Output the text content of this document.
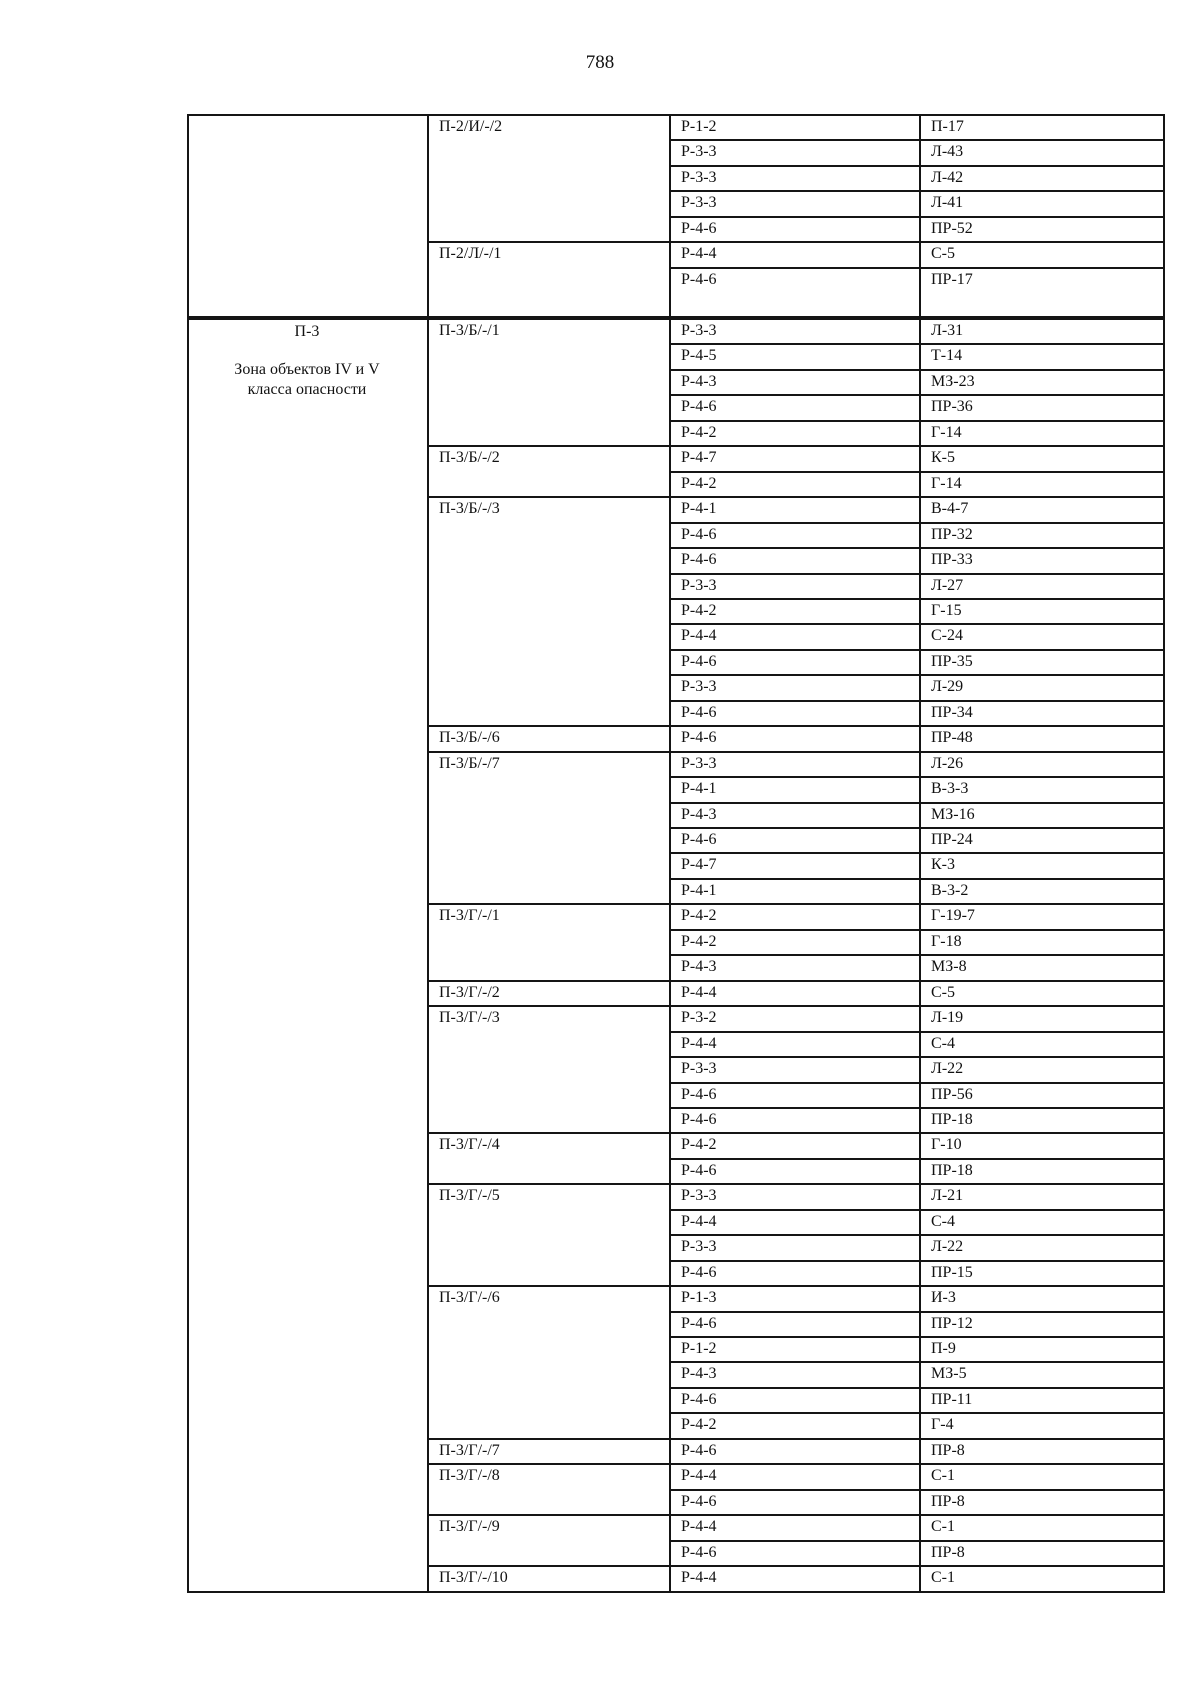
788
П-2/И/-/2	Р-1-2	П-17
Р-3-3	Л-43
Р-3-3	Л-42
Р-3-3	Л-41
Р-4-6	ПР-52
П-2/Л/-/1	Р-4-4	С-5
Р-4-6	ПР-17
П-3
Зона объектов IV и V класса опасности
П-3/Б/-/1	Р-3-3	Л-31
Р-4-5	Т-14
Р-4-3	МЗ-23
Р-4-6	ПР-36
Р-4-2	Г-14
П-3/Б/-/2	Р-4-7	К-5
Р-4-2	Г-14
П-3/Б/-/3	Р-4-1	В-4-7
Р-4-6	ПР-32
Р-4-6	ПР-33
Р-3-3	Л-27
Р-4-2	Г-15
Р-4-4	С-24
Р-4-6	ПР-35
Р-3-3	Л-29
Р-4-6	ПР-34
П-3/Б/-/6	Р-4-6	ПР-48
П-3/Б/-/7	Р-3-3	Л-26
Р-4-1	В-3-3
Р-4-3	МЗ-16
Р-4-6	ПР-24
Р-4-7	К-3
Р-4-1	В-3-2
П-3/Г/-/1	Р-4-2	Г-19-7
Р-4-2	Г-18
Р-4-3	МЗ-8
П-3/Г/-/2	Р-4-4	С-5
П-3/Г/-/3	Р-3-2	Л-19
Р-4-4	С-4
Р-3-3	Л-22
Р-4-6	ПР-56
Р-4-6	ПР-18
П-3/Г/-/4	Р-4-2	Г-10
Р-4-6	ПР-18
П-3/Г/-/5	Р-3-3	Л-21
Р-4-4	С-4
Р-3-3	Л-22
Р-4-6	ПР-15
П-3/Г/-/6	Р-1-3	И-3
Р-4-6	ПР-12
Р-1-2	П-9
Р-4-3	МЗ-5
Р-4-6	ПР-11
Р-4-2	Г-4
П-3/Г/-/7	Р-4-6	ПР-8
П-3/Г/-/8	Р-4-4	С-1
Р-4-6	ПР-8
П-3/Г/-/9	Р-4-4	С-1
Р-4-6	ПР-8
П-3/Г/-/10	Р-4-4	С-1
